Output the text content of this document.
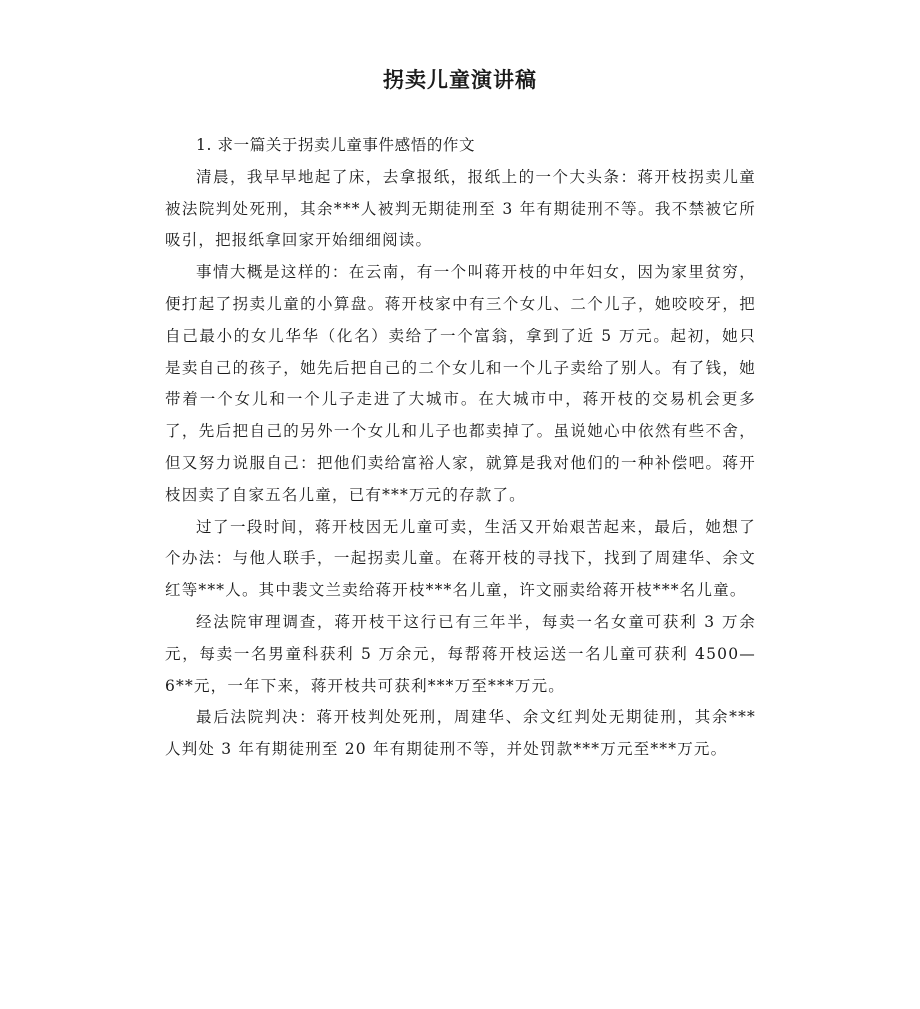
拐卖儿童演讲稿

1. 求一篇关于拐卖儿童事件感悟的作文

清晨，我早早地起了床，去拿报纸，报纸上的一个大头条：蒋开枝拐卖儿童被法院判处死刑，其余***人被判无期徒刑至 3 年有期徒刑不等。我不禁被它所吸引，把报纸拿回家开始细细阅读。

事情大概是这样的：在云南，有一个叫蒋开枝的中年妇女，因为家里贫穷，便打起了拐卖儿童的小算盘。蒋开枝家中有三个女儿、二个儿子，她咬咬牙，把自己最小的女儿华华（化名）卖给了一个富翁，拿到了近 5 万元。起初，她只是卖自己的孩子，她先后把自己的二个女儿和一个儿子卖给了别人。有了钱，她带着一个女儿和一个儿子走进了大城市。在大城市中，蒋开枝的交易机会更多了，先后把自己的另外一个女儿和儿子也都卖掉了。虽说她心中依然有些不舍，但又努力说服自己：把他们卖给富裕人家，就算是我对他们的一种补偿吧。蒋开枝因卖了自家五名儿童，已有***万元的存款了。

过了一段时间，蒋开枝因无儿童可卖，生活又开始艰苦起来，最后，她想了个办法：与他人联手，一起拐卖儿童。在蒋开枝的寻找下，找到了周建华、余文红等***人。其中裴文兰卖给蒋开枝***名儿童，许文丽卖给蒋开枝***名儿童。

经法院审理调查，蒋开枝干这行已有三年半，每卖一名女童可获利 3 万余元，每卖一名男童科获利 5 万余元，每帮蒋开枝运送一名儿童可获利 4500—6**元，一年下来，蒋开枝共可获利***万至***万元。

最后法院判决：蒋开枝判处死刑，周建华、余文红判处无期徒刑，其余***人判处 3 年有期徒刑至 20 年有期徒刑不等，并处罚款***万元至***万元。
